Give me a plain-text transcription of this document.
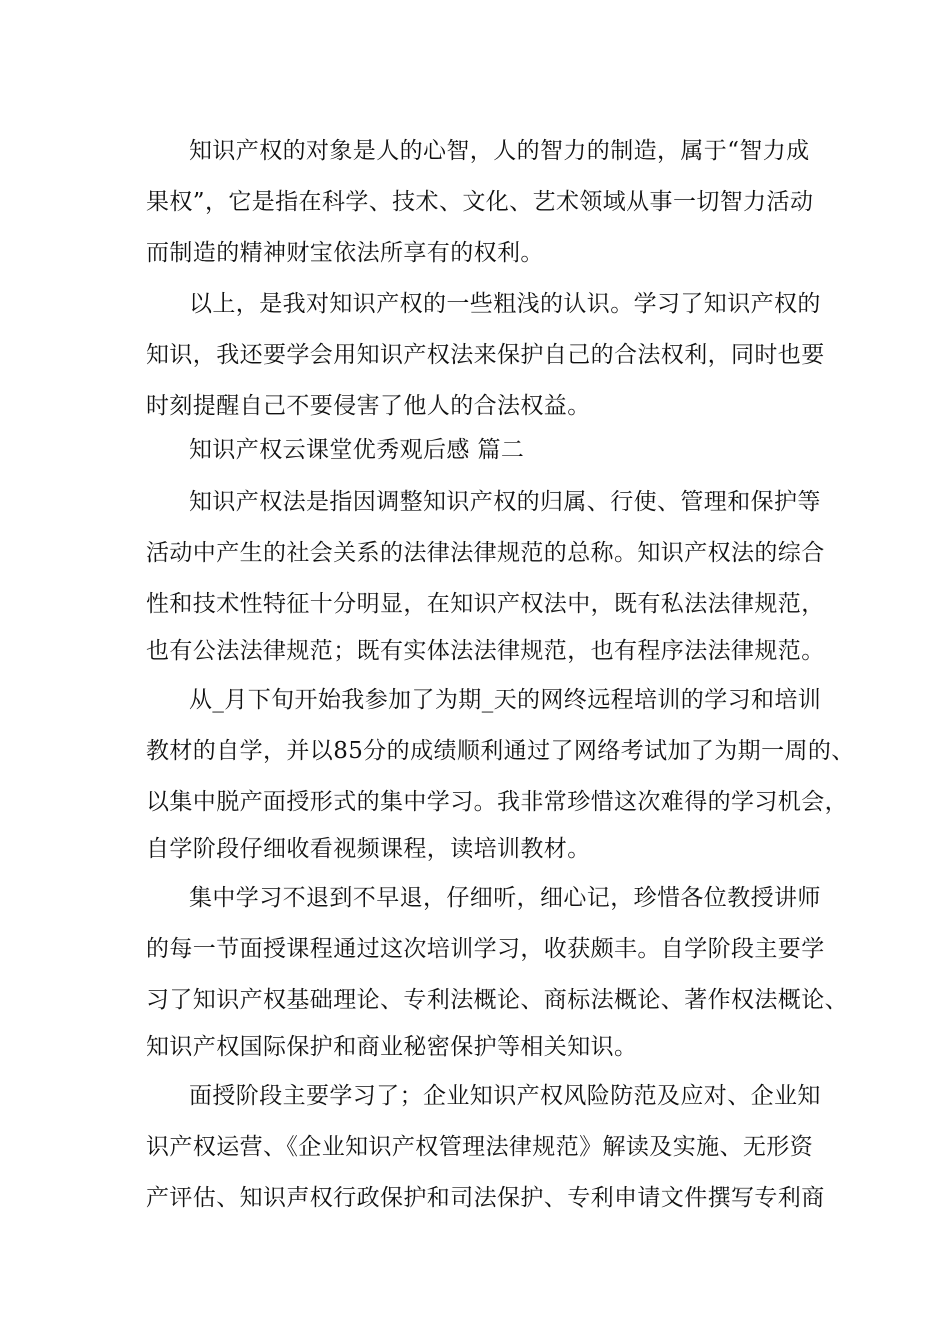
知识产权的对象是人的心智，人的智力的制造，属于“智力成
果权”，它是指在科学、技术、文化、艺术领域从事一切智力活动
而制造的精神财宝依法所享有的权利。
以上，是我对知识产权的一些粗浅的认识。学习了知识产权的
知识，我还要学会用知识产权法来保护自己的合法权利，同时也要
时刻提醒自己不要侵害了他人的合法权益。
知识产权云课堂优秀观后感 篇二
知识产权法是指因调整知识产权的归属、行使、管理和保护等
活动中产生的社会关系的法律法律规范的总称。知识产权法的综合
性和技术性特征十分明显，在知识产权法中，既有私法法律规范，
也有公法法律规范；既有实体法法律规范，也有程序法法律规范。
从_月下旬开始我参加了为期_天的网终远程培训的学习和培训
教材的自学，并以85分的成绩顺利通过了网络考试加了为期一周的、
以集中脱产面授形式的集中学习。我非常珍惜这次难得的学习机会，
自学阶段仔细收看视频课程，读培训教材。
集中学习不退到不早退，仔细听，细心记，珍惜各位教授讲师
的每一节面授课程通过这次培训学习，收获颇丰。自学阶段主要学
习了知识产权基础理论、专利法概论、商标法概论、著作权法概论、
知识产权国际保护和商业秘密保护等相关知识。
面授阶段主要学习了；企业知识产权风险防范及应对、企业知
识产权运营、《企业知识产权管理法律规范》解读及实施、无形资
产评估、知识声权行政保护和司法保护、专利申请文件撰写专利商
